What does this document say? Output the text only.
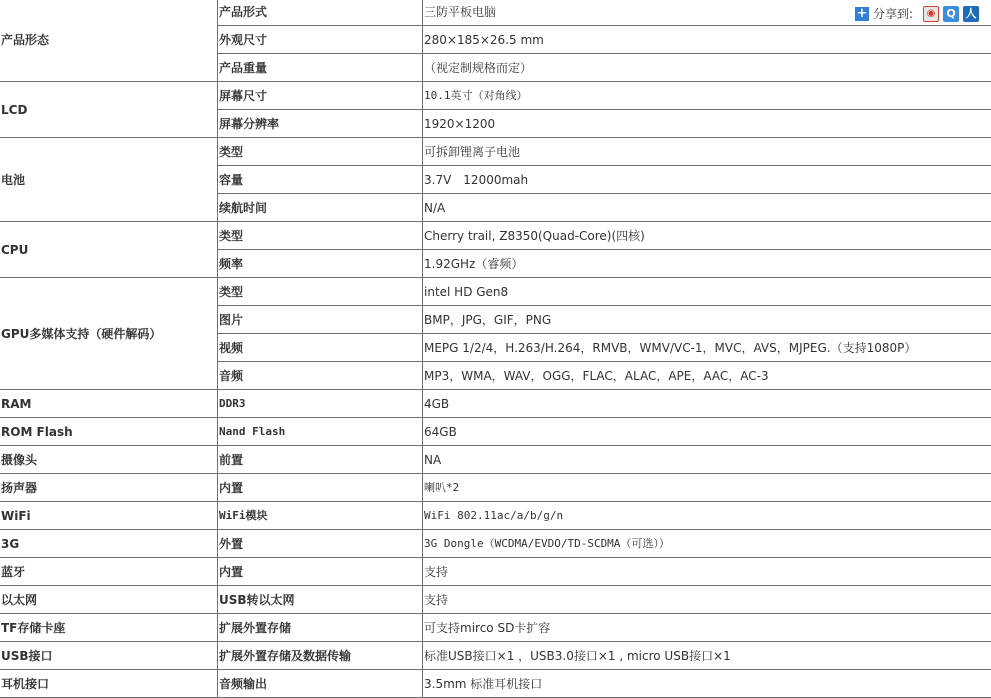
产品形态	产品形式	三防平板电脑
	外观尺寸	280×185×26.5 mm
	产品重量	（视定制规格而定）
LCD	屏幕尺寸	10.1英寸（对角线）
	屏幕分辨率	1920×1200
电池	类型	可拆卸锂离子电池
	容量	3.7V　12000mah
	续航时间	N/A
CPU	类型	Cherry trail, Z8350(Quad-Core)(四核)
	频率	1.92GHz（睿频）
GPU多媒体支持（硬件解码）	类型	intel HD Gen8
	图片	BMP，JPG，GIF，PNG
	视频	MEPG 1/2/4，H.263/H.264，RMVB，WMV/VC-1，MVC，AVS，MJPEG.（支持1080P）
	音频	MP3，WMA，WAV，OGG，FLAC，ALAC，APE，AAC，AC-3
RAM	DDR3	4GB
ROM Flash	Nand Flash	64GB
摄像头	前置	NA
扬声器	内置	喇叭*2
WiFi	WiFi模块	WiFi 802.11ac/a/b/g/n
3G	外置	3G Dongle（WCDMA/EVDO/TD-SCDMA（可选））
蓝牙	内置	支持
以太网	USB转以太网	支持
TF存储卡座	扩展外置存储	可支持mirco SD卡扩容
USB接口	扩展外置存储及数据传输	标准USB接口×1 ，USB3.0接口×1 , micro USB接口×1
耳机接口	音频输出	3.5mm 标准耳机接口
+ 分享到:	◉ Q 人
